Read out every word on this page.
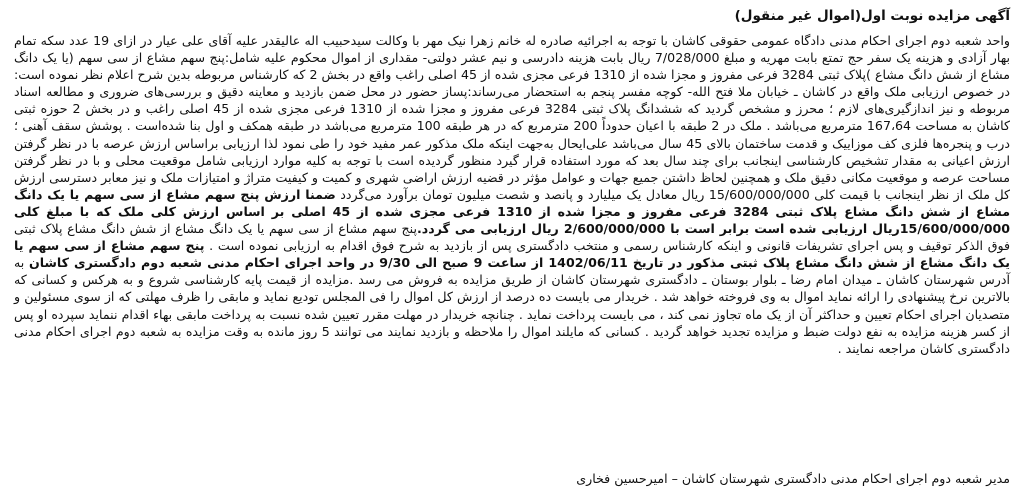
آگهی مزایده نوبت اول(اموال غیر منقول)

واحد شعبه دوم اجرای احکام مدنی دادگاه عمومی حقوقی کاشان با توجه به اجرائیه صادره له خانم زهرا نیک مهر با وکالت سیدحبیب اله عالیقدر علیه آقای علی عیار در ازای 19 عدد سکه تمام بهار آزادی و هزینه یک سفر حج تمتع بابت مهریه و مبلغ 7/028/000 ریال بابت هزینه دادرسی و نیم عشر دولتی- مقداری از اموال محکوم علیه شامل:پنج سهم مشاع از سی سهم (یا یک دانگ مشاع از شش دانگ مشاع )پلاک ثبتی 3284 فرعی مفروز و مجزا شده از 1310 فرعی مجزی شده از 45 اصلی راغب واقع در بخش 2 که کارشناس مربوطه بدین شرح اعلام نظر نموده است: در خصوص ارزیابی ملک واقع در کاشان ـ خیابان ملا فتح الله- کوچه مفسر پنجم به استحضار می‌رساند:پساز حضور در محل ضمن بازدید و معاینه دقیق و بررسی‌های ضروری و مطالعه اسناد مربوطه و نیز اندازگیری‌های لازم ؛ محرز و مشخص گردید که ششدانگ پلاک ثبتی 3284 فرعی مفروز و مجزا شده از 1310 فرعی مجزی شده از 45 اصلی راغب و در بخش 2 حوزه ثبتی کاشان به مساحت 167،64 مترمربع می‌باشد . ملک در 2 طبقه با اعیان حدوداً 200 مترمربع که در هر طبقه 100 مترمربع می‌باشد در طبقه همکف و اول بنا شده‌است . پوشش سقف آهنی ؛ درب و پنجره‌ها فلزی کف موزاییک و قدمت ساختمان بالای 45 سال می‌باشد علی‌ایحال به‌جهت اینکه ملک مذکور عمر مفید خود را طی نمود لذا ارزیابی براساس ارزش عرصه با در نظر گرفتن ارزش اعیانی به مقدار تشخیص کارشناسی اینجانب برای چند سال بعد که مورد استفاده قرار گیرد منظور گردیده است با توجه به کلیه موارد ارزیابی شامل موقعیت محلی و با در نظر گرفتن مساحت عرصه و موقعیت مکانی دقیق ملک و همچنین لحاظ داشتن جمیع جهات و عوامل مؤثر در قضیه ارزش اراضی شهری و کمیت و کیفیت متراژ و امتیازات ملک و نیز معابر دسترسی ارزش کل ملک از نظر اینجانب با قیمت کلی 15/600/000/000 ریال معادل یک میلیارد و پانصد و شصت میلیون تومان برآورد می‌گردد ضمنا ارزش پنج سهم مشاع از سی سهم یا یک دانگ مشاع از شش دانگ مشاع پلاک ثبتی 3284 فرعی مفروز و مجزا شده از 1310 فرعی مجزی شده از 45 اصلی بر اساس ارزش کلی ملک که با مبلغ کلی 15/600/000/000ریال ارزیابی شده است برابر است با 2/600/000/000 ریال ارزیابی می گردد.پنج سهم مشاع از سی سهم یا یک دانگ مشاع از شش دانگ مشاع پلاک ثبتی فوق الذکر توقیف و پس اجرای تشریفات قانونی و اینکه کارشناس رسمی و منتخب دادگستری پس از بازدید به شرح فوق اقدام به ارزیابی نموده است . پنج سهم مشاع از سی سهم یا یک دانگ مشاع از شش دانگ مشاع پلاک ثبتی مذکور در تاریخ 1402/06/11 از ساعت 9 صبح الی 9/30 در واحد اجرای احکام مدنی شعبه دوم دادگستری کاشان به آدرس شهرستان کاشان ـ میدان امام رضا ـ بلوار بوستان ـ دادگستری شهرستان کاشان از طریق مزایده به فروش می رسد .مزایده از قیمت پایه کارشناسی شروع و به هرکس و کسانی که بالاترین نرخ پیشنهادی را ارائه نماید اموال به وی فروخته خواهد شد . خریدار می بایست ده درصد از ارزش کل اموال را فی المجلس تودیع نماید و مابقی را ظرف مهلتی که از سوی مسئولین و متصدیان اجرای احکام تعیین و حداکثر آن از یک ماه تجاوز نمی کند ، می بایست پرداخت نماید . چنانچه خریدار در مهلت مقرر تعیین شده نسبت به پرداخت مابقی بهاء اقدام ننماید سپرده او پس از کسر هزینه مزایده به نفع دولت ضبط و مزایده تجدید خواهد گردید . کسانی که مایلند اموال را ملاحظه و بازدید نمایند می توانند 5 روز مانده به وقت مزایده به شعبه دوم اجرای احکام مدنی دادگستری کاشان مراجعه نمایند .

مدیر شعبه دوم اجرای احکام مدنی دادگستری شهرستان کاشان – امیرحسین فخاری
